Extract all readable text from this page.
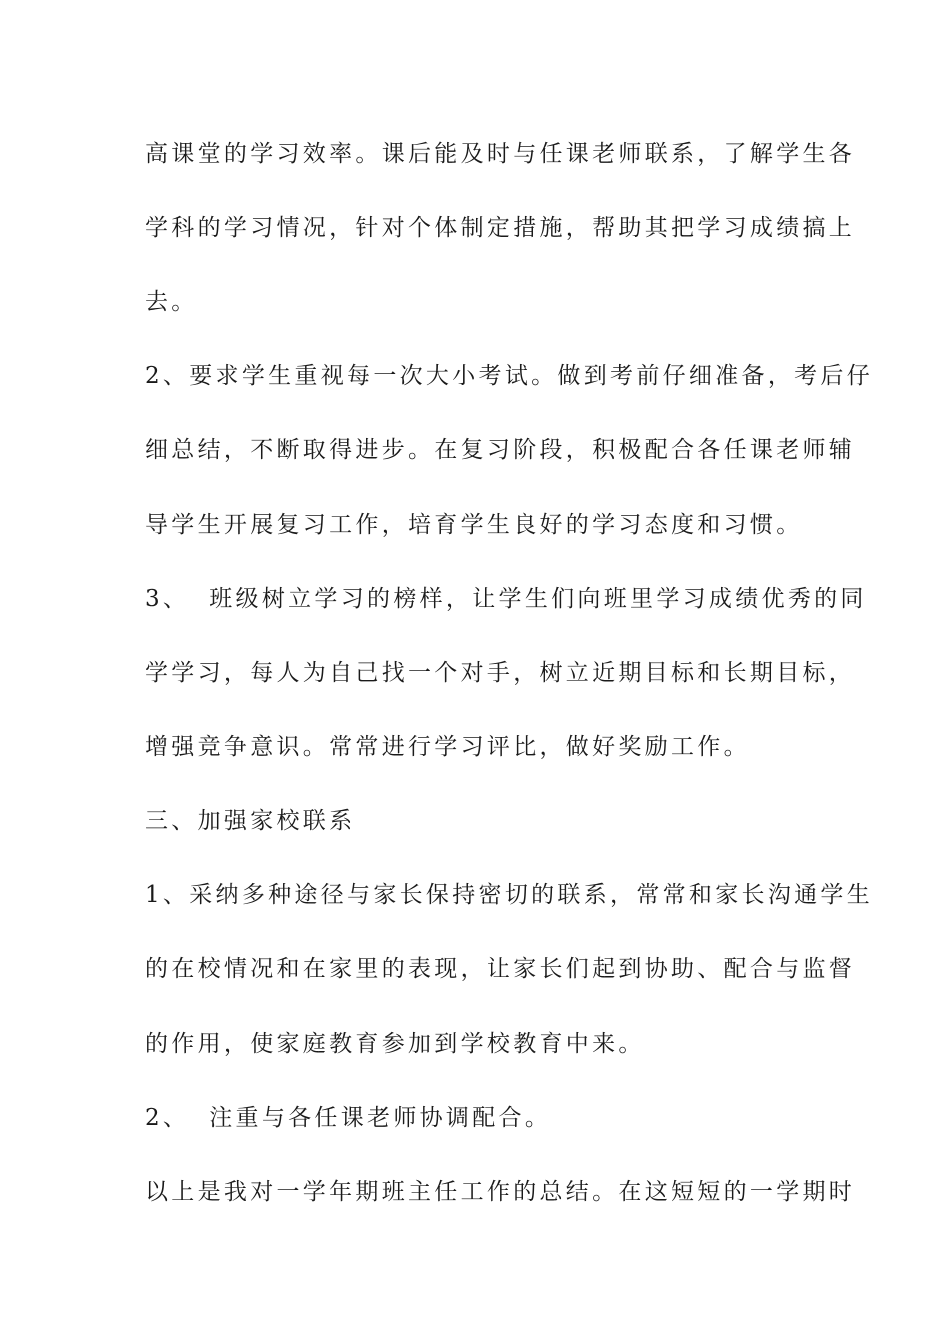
高课堂的学习效率。课后能及时与任课老师联系，了解学生各
学科的学习情况，针对个体制定措施，帮助其把学习成绩搞上
去。
2、要求学生重视每一次大小考试。做到考前仔细准备，考后仔
细总结，不断取得进步。在复习阶段，积极配合各任课老师辅
导学生开展复习工作，培育学生良好的学习态度和习惯。
3、 班级树立学习的榜样，让学生们向班里学习成绩优秀的同
学学习，每人为自己找一个对手，树立近期目标和长期目标，
增强竞争意识。常常进行学习评比，做好奖励工作。
三、加强家校联系
1、采纳多种途径与家长保持密切的联系，常常和家长沟通学生
的在校情况和在家里的表现，让家长们起到协助、配合与监督
的作用，使家庭教育参加到学校教育中来。
2、 注重与各任课老师协调配合。
以上是我对一学年期班主任工作的总结。在这短短的一学期时
